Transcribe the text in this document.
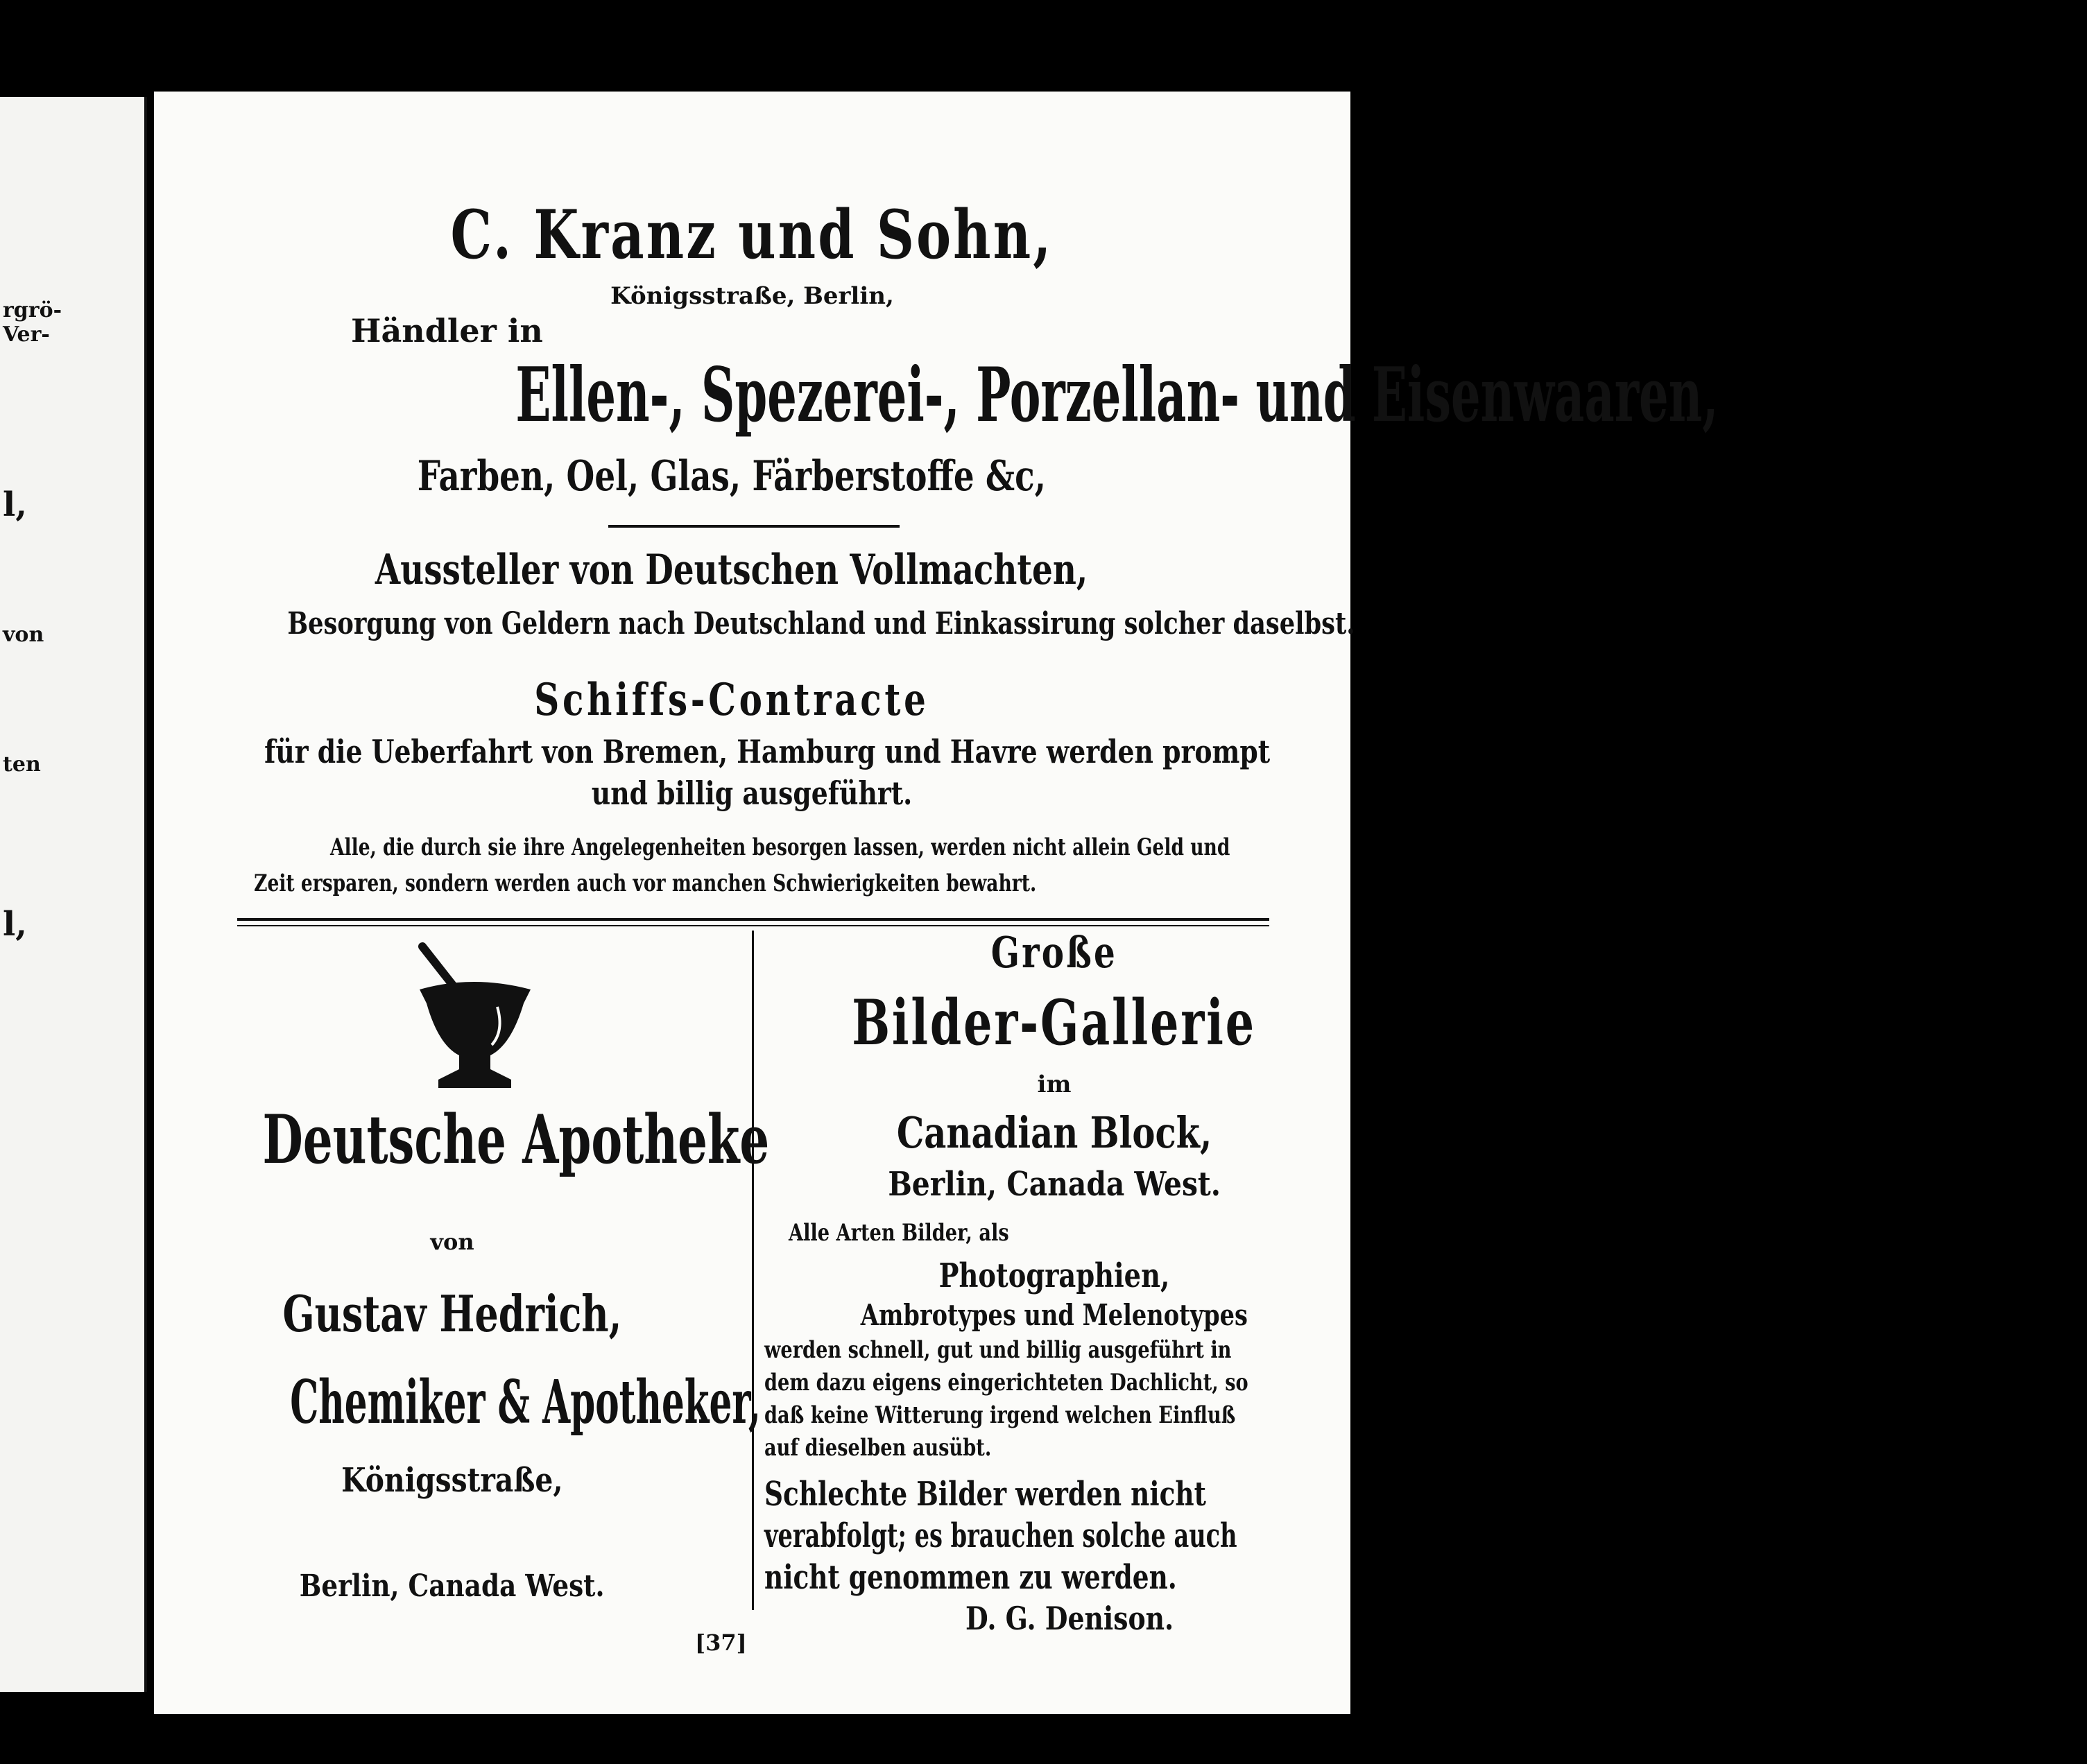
rgrö-
Ver-
l,
von
ten
l,

C. Kranz und Sohn,
Königsstraße, Berlin,
Händler in
Ellen-, Spezerei-, Porzellan- und Eisenwaaren,
Farben, Oel, Glas, Färberstoffe &c,
Aussteller von Deutschen Vollmachten,
Besorgung von Geldern nach Deutschland und Einkassirung solcher daselbst.
Schiffs-Contracte
für die Ueberfahrt von Bremen, Hamburg und Havre werden prompt
und billig ausgeführt.
Alle, die durch sie ihre Angelegenheiten besorgen lassen, werden nicht allein Geld und
Zeit ersparen, sondern werden auch vor manchen Schwierigkeiten bewahrt.
Deutsche Apotheke
von
Gustav Hedrich,
Chemiker & Apotheker,
Königsstraße,
Berlin, Canada West.
Große
Bilder-Gallerie
im
Canadian Block,
Berlin, Canada West.
Alle Arten Bilder, als
Photographien,
Ambrotypes und Melenotypes
werden schnell, gut und billig ausgeführt in
dem dazu eigens eingerichteten Dachlicht, so
daß keine Witterung irgend welchen Einfluß
auf dieselben ausübt.
Schlechte Bilder werden nicht
verabfolgt; es brauchen solche auch
nicht genommen zu werden.
D. G. Denison.
[37]
